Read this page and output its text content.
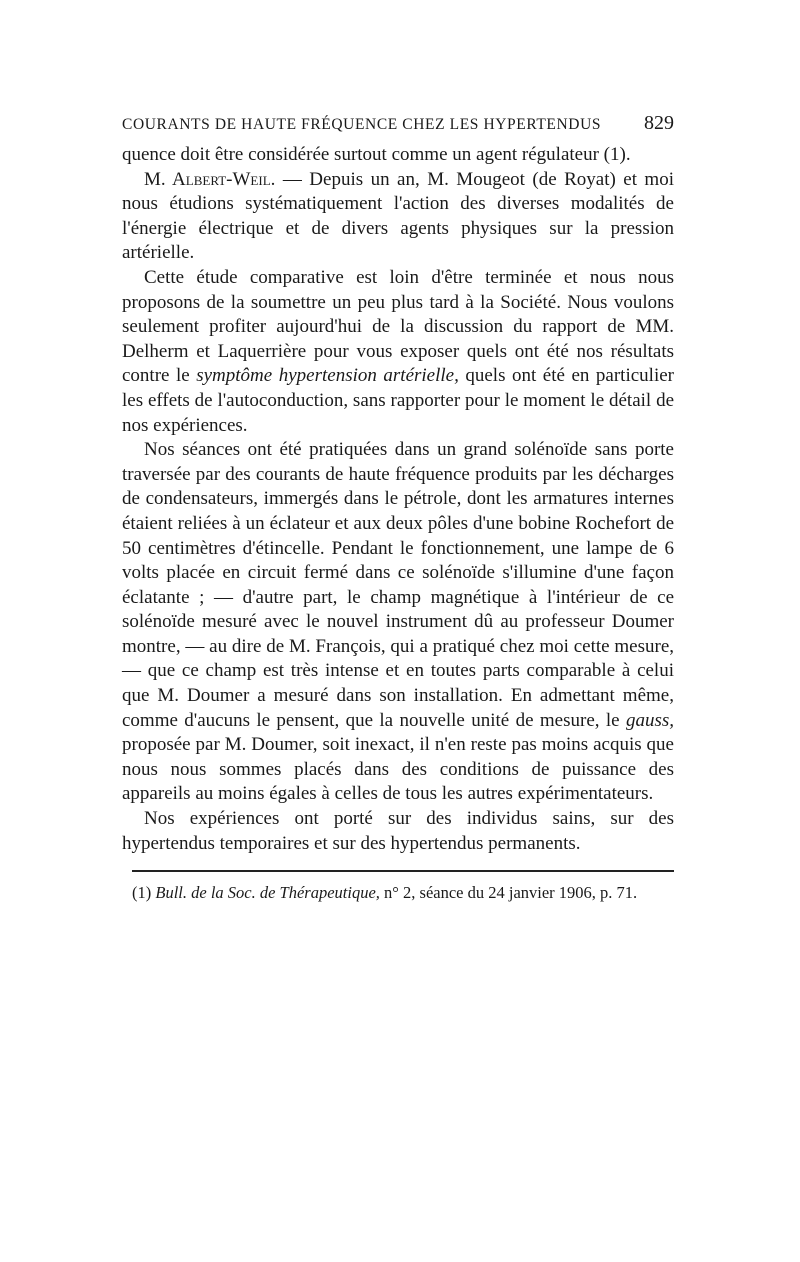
COURANTS DE HAUTE FRÉQUENCE CHEZ LES HYPERTENDUS 829

quence doit être considérée surtout comme un agent régulateur (1).

M. Albert-Weil. — Depuis un an, M. Mougeot (de Royat) et moi nous étudions systématiquement l'action des diverses modalités de l'énergie électrique et de divers agents physiques sur la pression artérielle.

Cette étude comparative est loin d'être terminée et nous nous proposons de la soumettre un peu plus tard à la Société. Nous voulons seulement profiter aujourd'hui de la discussion du rapport de MM. Delherm et Laquerrière pour vous exposer quels ont été nos résultats contre le symptôme hypertension artérielle, quels ont été en particulier les effets de l'autoconduction, sans rapporter pour le moment le détail de nos expériences.

Nos séances ont été pratiquées dans un grand solénoïde sans porte traversée par des courants de haute fréquence produits par les décharges de condensateurs, immergés dans le pétrole, dont les armatures internes étaient reliées à un éclateur et aux deux pôles d'une bobine Rochefort de 50 centimètres d'étincelle. Pendant le fonctionnement, une lampe de 6 volts placée en circuit fermé dans ce solénoïde s'illumine d'une façon éclatante ; — d'autre part, le champ magnétique à l'intérieur de ce solénoïde mesuré avec le nouvel instrument dû au professeur Doumer montre, — au dire de M. François, qui a pratiqué chez moi cette mesure, — que ce champ est très intense et en toutes parts comparable à celui que M. Doumer a mesuré dans son installation. En admettant même, comme d'aucuns le pensent, que la nouvelle unité de mesure, le gauss, proposée par M. Doumer, soit inexact, il n'en reste pas moins acquis que nous nous sommes placés dans des conditions de puissance des appareils au moins égales à celles de tous les autres expérimentateurs.

Nos expériences ont porté sur des individus sains, sur des hypertendus temporaires et sur des hypertendus permanents.

(1) Bull. de la Soc. de Thérapeutique, n° 2, séance du 24 janvier 1906, p. 71.
